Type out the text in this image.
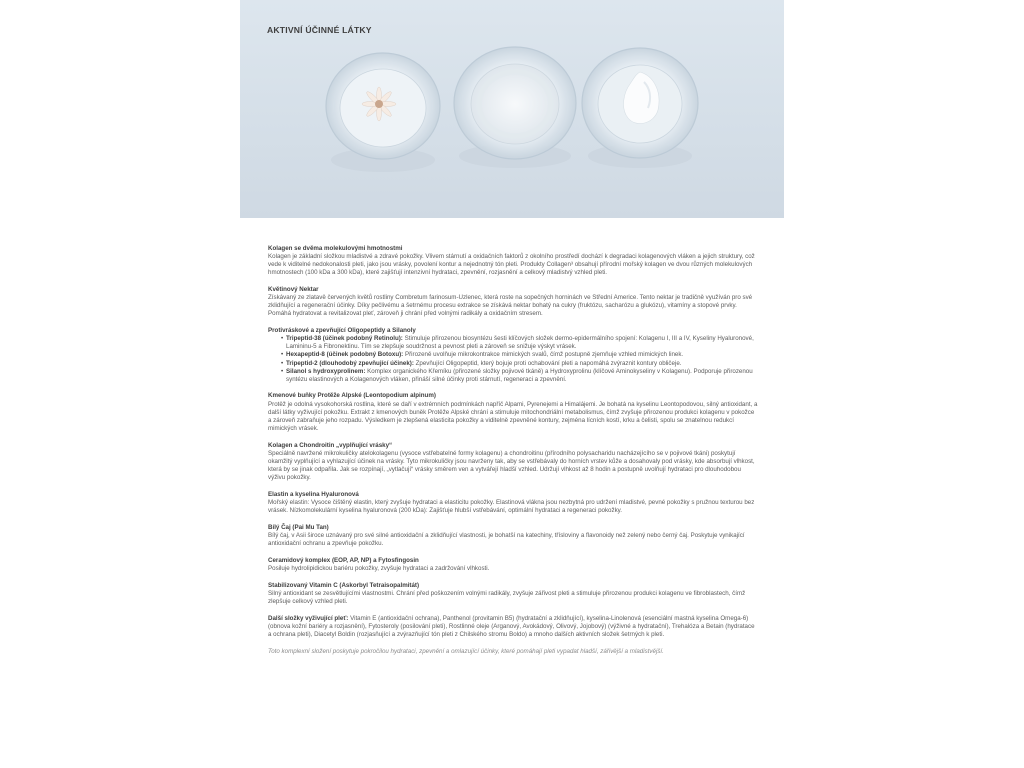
AKTIVNÍ ÚČINNÉ LÁTKY
Kolagen se dvěma molekulovými hmotnostmi
Kolagen je základní složkou mladistvé a zdravé pokožky. Vlivem stárnutí a oxidačních faktorů z okolního prostředí dochází k degradaci kolagenových vláken a jejich struktury, což vede k viditelné nedokonalosti pleti, jako jsou vrásky, povolení kontur a nejednotný tón pleti. Produkty Collagen³ obsahují přírodní mořský kolagen ve dvou různých molekulových hmotnostech (100 kDa a 300 kDa), které zajišťují intenzivní hydrataci, zpevnění, rozjasnění a celkový mladistvý vzhled pleti.
Květinový Nektar
Získávaný ze zlatavě červených květů rostliny Combretum farinosum-Uzlenec, která roste na sopečných horninách ve Střední Americe. Tento nektar je tradičně využíván pro své zklidňující a regenerační účinky. Díky pečlivému a šetrnému procesu extrakce se získává nektar bohatý na cukry (fruktózu, sacharózu a glukózu), vitamíny a stopové prvky. Pomáhá hydratovat a revitalizovat pleť, zároveň ji chrání před volnými radikály a oxidačním stresem.
Protivráskové a zpevňující Oligopeptidy a Silanoly
• Tripeptid-38 (účinek podobný Retinolu): Stimuluje přirozenou biosyntézu šesti klíčových složek dermo-epidermálního spojení: Kolagenu I, III a IV, Kyseliny Hyaluronové, Lamininu-5 a Fibronektinu. Tím se zlepšuje soudržnost a pevnost pleti a zároveň se snižuje výskyt vrásek.
• Hexapeptid-8 (účinek podobný Botoxu): Přirozeně uvolňuje mikrokontrakce mimických svalů, čímž postupně zjemňuje vzhled mimických linek.
• Tripeptid-2 (dlouhodobý zpevňující účinek): Zpevňující Oligopeptid, který bojuje proti ochabování pleti a napomáhá zvýraznit kontury obličeje.
• Silanol s hydroxyprolinem: Komplex organického Křemíku (přirozené složky pojivové tkáně) a Hydroxyprolinu (klíčové Aminokyseliny v Kolagenu). Podporuje přirozenou syntézu elastinových a Kolagenových vláken, přináší silné účinky proti stárnutí, regeneraci a zpevnění.
Kmenové buňky Protěže Alpské (Leontopodium alpinum)
Protěž je odolná vysokohorská rostlina, které se daří v extrémních podmínkách napříč Alpami, Pyrenejemi a Himalájemi. Je bohatá na kyselinu Leontopodovou, silný antioxidant, a další látky vyživující pokožku. Extrakt z kmenových buněk Protěže Alpské chrání a stimuluje mitochondriální metabolismus, čímž zvyšuje přirozenou produkci kolagenu v pokožce a zároveň zabraňuje jeho rozpadu. Výsledkem je zlepšená elasticita pokožky a viditelně zpevněné kontury, zejména lícních kostí, krku a čelisti, spolu se znatelnou redukcí mimických vrásek.
Kolagen a Chondroitin „vyplňující vrásky“
Speciálně navržené mikrokuličky atelokolagenu (vysoce vstřebatelné formy kolagenu) a chondroitinu (přírodního polysacharidu nacházejícího se v pojivové tkáni) poskytují okamžitý vyplňující a vyhlazující účinek na vrásky. Tyto mikrokuličky jsou navrženy tak, aby se vstřebávaly do horních vrstev kůže a dosahovaly pod vrásky, kde absorbují vlhkost, která by se jinak odpařila. Jak se rozpínají, „vytlačují“ vrásky směrem ven a vytvářejí hladší vzhled. Udržují vlhkost až 8 hodin a postupně uvolňují hydrataci pro dlouhodobou výživu pokožky.
Elastin a kyselina Hyaluronová
Mořský elastin: Vysoce čištěný elastin, který zvyšuje hydrataci a elasticitu pokožky. Elastinová vlákna jsou nezbytná pro udržení mladistvé, pevné pokožky s pružnou texturou bez vrásek. Nízkomolekulární kyselina hyaluronová (200 kDa): Zajišťuje hlubší vstřebávání, optimální hydrataci a regeneraci pokožky.
Bílý Čaj (Pai Mu Tan)
Bílý čaj, v Asii široce uznávaný pro své silné antioxidační a zklidňující vlastnosti, je bohatší na katechiny, třísloviny a flavonoidy než zelený nebo černý čaj. Poskytuje vynikající antioxidační ochranu a zpevňuje pokožku.
Ceramidový komplex (EOP, AP, NP) a Fytosfingosin
Posiluje hydrolipidickou bariéru pokožky, zvyšuje hydrataci a zadržování vlhkosti.
Stabilizovaný Vitamin C (Askorbyl Tetraisopalmitát)
Silný antioxidant se zesvětlujícími vlastnostmi. Chrání před poškozením volnými radikály, zvyšuje zářivost pleti a stimuluje přirozenou produkci kolagenu ve fibroblastech, čímž zlepšuje celkový vzhled pleti.
Další složky vyživující pleť: Vitamin E (antioxidační ochrana), Panthenol (provitamin B5) (hydratační a zklidňující), kyselina-Linolenová (esenciální mastná kyselina Omega-6) (obnova kožní bariéry a rozjasnění), Fytosteroly (posilování pleti), Rostlinné oleje (Arganový, Avokádový, Olivový, Jojobový) (výživné a hydratační), Trehalóza a Betain (hydratace a ochrana pleti), Diacetyl Boldin (rozjasňující a zvýrazňující tón pleti z Chilského stromu Boldo) a mnoho dalších aktivních složek šetrných k pleti.
Toto komplexní složení poskytuje pokročilou hydrataci, zpevnění a omlazující účinky, které pomáhají pleti vypadat hladší, zářivější a mladistvější.
